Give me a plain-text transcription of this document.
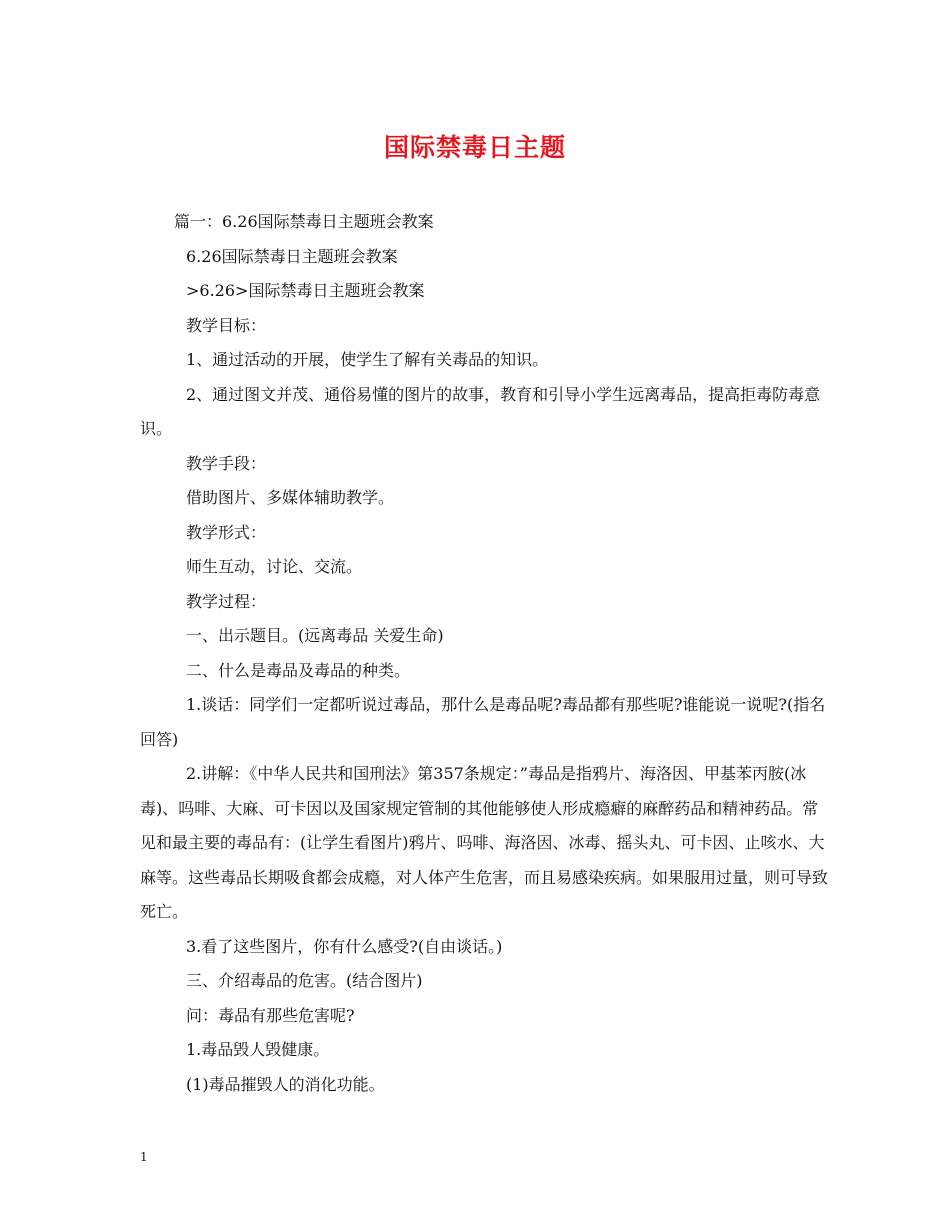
国际禁毒日主题

篇一：6.26国际禁毒日主题班会教案

6.26国际禁毒日主题班会教案

>6.26>国际禁毒日主题班会教案

教学目标：

1、通过活动的开展，使学生了解有关毒品的知识。

2、通过图文并茂、通俗易懂的图片的故事，教育和引导小学生远离毒品，提高拒毒防毒意识。

教学手段：

借助图片、多媒体辅助教学。

教学形式：

师生互动，讨论、交流。

教学过程：

一、出示题目。(远离毒品 关爱生命)

二、什么是毒品及毒品的种类。

1.谈话：同学们一定都听说过毒品，那什么是毒品呢?毒品都有那些呢?谁能说一说呢?(指名回答)

2.讲解：《中华人民共和国刑法》第357条规定：”毒品是指鸦片、海洛因、甲基苯丙胺(冰毒)、吗啡、大麻、可卡因以及国家规定管制的其他能够使人形成瘾癖的麻醉药品和精神药品。常见和最主要的毒品有：(让学生看图片)鸦片、吗啡、海洛因、冰毒、摇头丸、可卡因、止咳水、大麻等。这些毒品长期吸食都会成瘾，对人体产生危害，而且易感染疾病。如果服用过量，则可导致死亡。

3.看了这些图片，你有什么感受?(自由谈话。)

三、介绍毒品的危害。(结合图片)

问：毒品有那些危害呢?

1.毒品毁人毁健康。

(1)毒品摧毁人的消化功能。

1
